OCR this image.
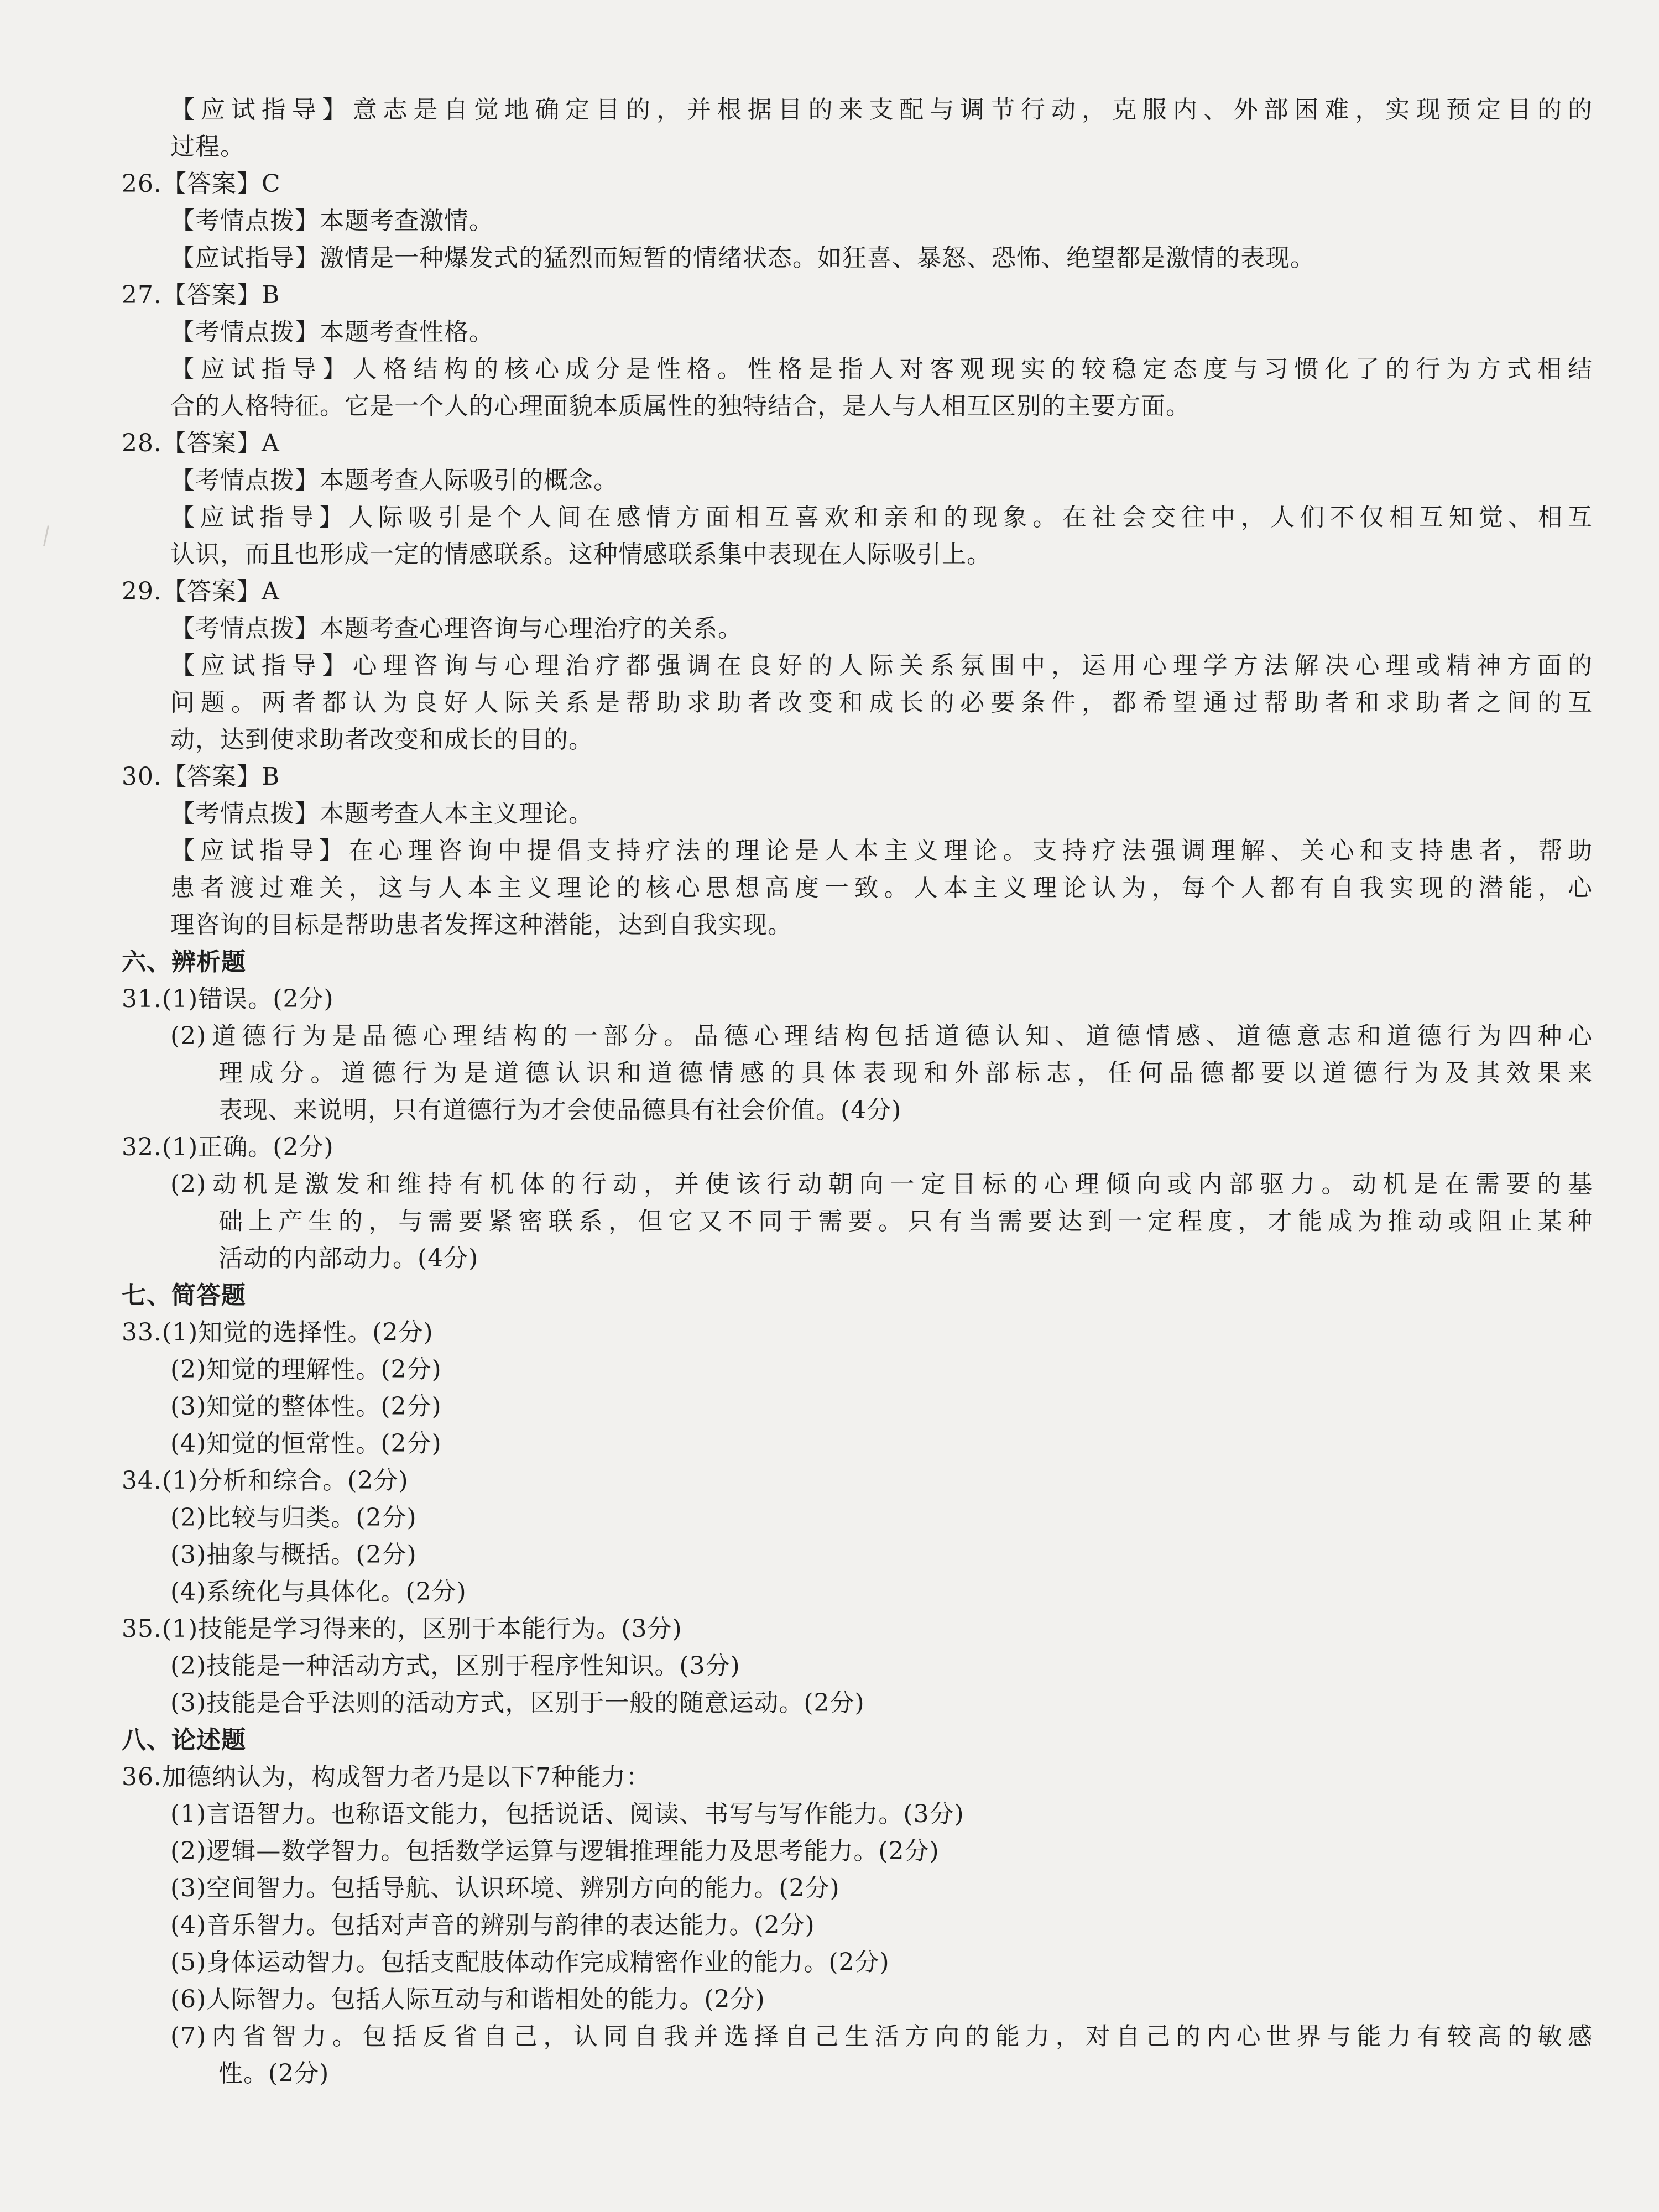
【应试指导】意志是自觉地确定目的，并根据目的来支配与调节行动，克服内、外部困难，实现预定目的的
过程。
26.【答案】C
【考情点拨】本题考查激情。
【应试指导】激情是一种爆发式的猛烈而短暂的情绪状态。如狂喜、暴怒、恐怖、绝望都是激情的表现。
27.【答案】B
【考情点拨】本题考查性格。
【应试指导】人格结构的核心成分是性格。性格是指人对客观现实的较稳定态度与习惯化了的行为方式相结
合的人格特征。它是一个人的心理面貌本质属性的独特结合，是人与人相互区别的主要方面。
28.【答案】A
【考情点拨】本题考查人际吸引的概念。
【应试指导】人际吸引是个人间在感情方面相互喜欢和亲和的现象。在社会交往中，人们不仅相互知觉、相互
认识，而且也形成一定的情感联系。这种情感联系集中表现在人际吸引上。
29.【答案】A
【考情点拨】本题考查心理咨询与心理治疗的关系。
【应试指导】心理咨询与心理治疗都强调在良好的人际关系氛围中，运用心理学方法解决心理或精神方面的
问题。两者都认为良好人际关系是帮助求助者改变和成长的必要条件，都希望通过帮助者和求助者之间的互
动，达到使求助者改变和成长的目的。
30.【答案】B
【考情点拨】本题考查人本主义理论。
【应试指导】在心理咨询中提倡支持疗法的理论是人本主义理论。支持疗法强调理解、关心和支持患者，帮助
患者渡过难关，这与人本主义理论的核心思想高度一致。人本主义理论认为，每个人都有自我实现的潜能，心
理咨询的目标是帮助患者发挥这种潜能，达到自我实现。
六、辨析题
31.(1)错误。(2分)
(2)道德行为是品德心理结构的一部分。品德心理结构包括道德认知、道德情感、道德意志和道德行为四种心
理成分。道德行为是道德认识和道德情感的具体表现和外部标志，任何品德都要以道德行为及其效果来
表现、来说明，只有道德行为才会使品德具有社会价值。(4分)
32.(1)正确。(2分)
(2)动机是激发和维持有机体的行动，并使该行动朝向一定目标的心理倾向或内部驱力。动机是在需要的基
础上产生的，与需要紧密联系，但它又不同于需要。只有当需要达到一定程度，才能成为推动或阻止某种
活动的内部动力。(4分)
七、简答题
33.(1)知觉的选择性。(2分)
(2)知觉的理解性。(2分)
(3)知觉的整体性。(2分)
(4)知觉的恒常性。(2分)
34.(1)分析和综合。(2分)
(2)比较与归类。(2分)
(3)抽象与概括。(2分)
(4)系统化与具体化。(2分)
35.(1)技能是学习得来的，区别于本能行为。(3分)
(2)技能是一种活动方式，区别于程序性知识。(3分)
(3)技能是合乎法则的活动方式，区别于一般的随意运动。(2分)
八、论述题
36.加德纳认为，构成智力者乃是以下7种能力：
(1)言语智力。也称语文能力，包括说话、阅读、书写与写作能力。(3分)
(2)逻辑—数学智力。包括数学运算与逻辑推理能力及思考能力。(2分)
(3)空间智力。包括导航、认识环境、辨别方向的能力。(2分)
(4)音乐智力。包括对声音的辨别与韵律的表达能力。(2分)
(5)身体运动智力。包括支配肢体动作完成精密作业的能力。(2分)
(6)人际智力。包括人际互动与和谐相处的能力。(2分)
(7)内省智力。包括反省自己，认同自我并选择自己生活方向的能力，对自己的内心世界与能力有较高的敏感
性。(2分)
